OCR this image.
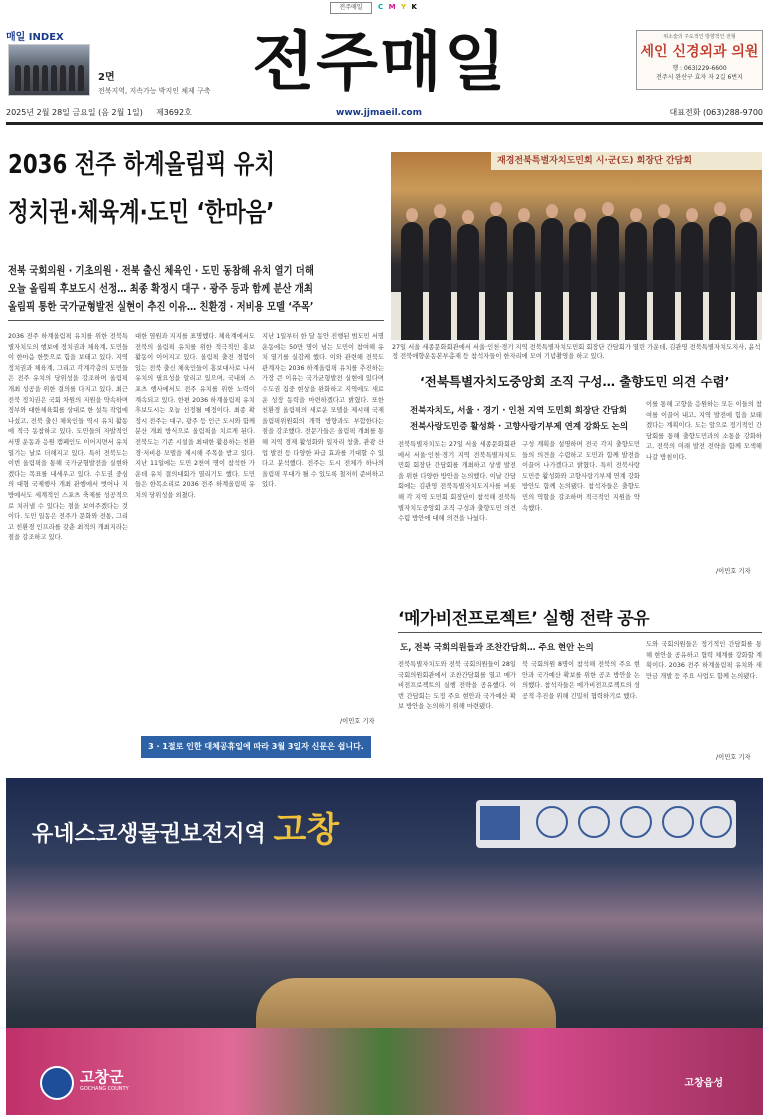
전주매일	C M Y K
매일 INDEX
2면
전북지역, 지속가능 박지인 체제 구축 전주매일	위소술의 주도적인 방향적인 전형
세인 신경외과 의원
행 : 063)229-6600
전주시 완산구 효자 자 2길 6번지
2025년 2월 28일 금요일 (음 2월 1일) 제3692호	www.jjmaeil.com	대표전화 (063)288-9700
2036 전주 하계올림픽 유치
정치권·체육계·도민 ‘한마음’
전북 국회의원 · 기초의원 · 전북 출신 체육인 · 도민 동참해 유치 열기 더해
오늘 올림픽 후보도시 선정… 최종 확정시 대구 · 광주 등과 함께 분산 개최
올림픽 통한 국가균형발전 실현이 추진 이유… 친환경 · 저비용 모델 ‘주목’
2036 전주 하계올림픽 유치를 위한 전북특별자치도의 행보에 정치권과 체육계, 도민들이 한마음 한뜻으로 힘을 보태고 있다. 지역 정치권과 체육계, 그리고 각계각층의 도민들은 전주 유치의 당위성을 강조하며 올림픽 개최 성공을 위한 결의를 다지고 있다. 최근 전북 정치권은 국회 차원의 지원을 약속하며 정부와 대한체육회를 상대로 한 설득 작업에 나섰고, 전북 출신 체육인들 역시 유치 활동에 적극 동참하고 있다. 도민들의 자발적인 서명 운동과 응원 캠페인도 이어지면서 유치 열기는 날로 더해지고 있다. 특히 전북도는 이번 올림픽을 통해 국가균형발전을 실현하겠다는 목표를 내세우고 있다. 수도권 중심의 대형 국제행사 개최 관행에서 벗어나 지방에서도 세계적인 스포츠 축제를 성공적으로 치러낼 수 있다는 점을 보여주겠다는 것이다. 도민 일동은 전주가 문화와 전통, 그리고 친환경 인프라를 갖춘 최적의 개최지라는 점을 강조하고 있다.
대한 염원과 지지를 표명했다. 체육계에서도 전북의 올림픽 유치를 위한 적극적인 홍보 활동이 이어지고 있다. 올림픽 출전 경험이 있는 전북 출신 체육인들이 홍보대사로 나서 유치의 필요성을 알리고 있으며, 국내외 스포츠 행사에서도 전주 유치를 위한 노력이 계속되고 있다. 한편 2036 하계올림픽 유치 후보도시는 오늘 선정될 예정이다. 최종 확정시 전주는 대구, 광주 등 인근 도시와 함께 분산 개최 방식으로 올림픽을 치르게 된다. 전북도는 기존 시설을 최대한 활용하는 친환경·저비용 모델을 제시해 주목을 받고 있다. 지난 11일에는 도민 2천여 명이 참석한 가운데 유치 결의대회가 열리기도 했다. 도민들은 한목소리로 2036 전주 하계올림픽 유치의 당위성을 외쳤다.
지난 1일부터 한 달 동안 진행된 범도민 서명운동에는 50만 명이 넘는 도민이 참여해 유치 열기를 실감케 했다. 이와 관련해 전북도 관계자는 2036 하계올림픽 유치를 추진하는 가장 큰 이유는 국가균형발전 실현에 있다며 수도권 집중 현상을 완화하고 지역에도 새로운 성장 동력을 마련하겠다고 밝혔다. 또한 친환경 올림픽의 새로운 모델을 제시해 국제올림픽위원회의 개혁 방향과도 부합한다는 점을 강조했다. 전문가들은 올림픽 개최를 통해 지역 경제 활성화와 일자리 창출, 관광 산업 발전 등 다양한 파급 효과를 기대할 수 있다고 분석했다. 전주는 도시 전체가 하나의 올림픽 무대가 될 수 있도록 철저히 준비하고 있다.
/이민호 기자
3 · 1절로 인한 대체공휴일에 따라 3월 3일자 신문은 쉽니다.
재경전북특별자치도민회 시·군(도) 회장단 간담회
27일 서울 세종문화회관에서 서울·인천·경기 지역 전북특별자치도민회 회장단 간담회가 열린 가운데, 김관영 전북특별자치도지사, 윤석정 전북애향운동본부총재 등 참석자들이 한자리에 모여 기념촬영을 하고 있다.
‘전북특별자치도중앙회 조직 구성… 출향도민 의견 수렴’
전북자치도, 서울 · 경기 · 인천 지역 도민회 회장단 간담회
전북사랑도민증 활성화 · 고향사랑기부제 연계 강화도 논의
전북특별자치도는 27일 서울 세종문화회관에서 서울·인천·경기 지역 전북특별자치도민회 회장단 간담회를 개최하고 상생 발전을 위한 다양한 방안을 논의했다. 이날 간담회에는 김관영 전북특별자치도지사를 비롯해 각 지역 도민회 회장단이 참석해 전북특별자치도중앙회 조직 구성과 출향도민 의견 수렴 방안에 대해 의견을 나눴다.
구성 계획을 설명하며 전국 각지 출향도민들의 의견을 수렴하고 도민과 함께 발전을 이끌어 나가겠다고 밝혔다. 특히 전북사랑도민증 활성화와 고향사랑기부제 연계 강화 방안도 함께 논의됐다. 참석자들은 출향도민의 역할을 강조하며 적극적인 지원을 약속했다.
이를 통해 고향을 응원하는 모든 이들의 참여를 이끌어 내고, 지역 발전에 힘을 보태겠다는 계획이다. 도는 앞으로 정기적인 간담회를 통해 출향도민과의 소통을 강화하고, 전북의 미래 발전 전략을 함께 모색해 나갈 방침이다.
/이민호 기자
‘메가비전프로젝트’ 실행 전략 공유
도, 전북 국회의원들과 조찬간담회… 주요 현안 논의
전북특별자치도와 전북 국회의원들이 28일 국회의원회관에서 조찬간담회를 열고 메가비전프로젝트의 실행 전략을 공유했다. 이번 간담회는 도정 주요 현안과 국가예산 확보 방안을 논의하기 위해 마련됐다.
북 국회의원 8명이 참석해 전북의 주요 현안과 국가예산 확보를 위한 공조 방안을 논의했다. 참석자들은 메가비전프로젝트의 성공적 추진을 위해 긴밀히 협력하기로 했다.
도와 국회의원들은 정기적인 간담회를 통해 현안을 공유하고 협력 체계를 강화할 계획이다. 2036 전주 하계올림픽 유치와 새만금 개발 등 주요 사업도 함께 논의됐다.
/이민호 기자
유네스코생물권보전지역 고창
고창군
GOCHANG COUNTY	고창읍성
